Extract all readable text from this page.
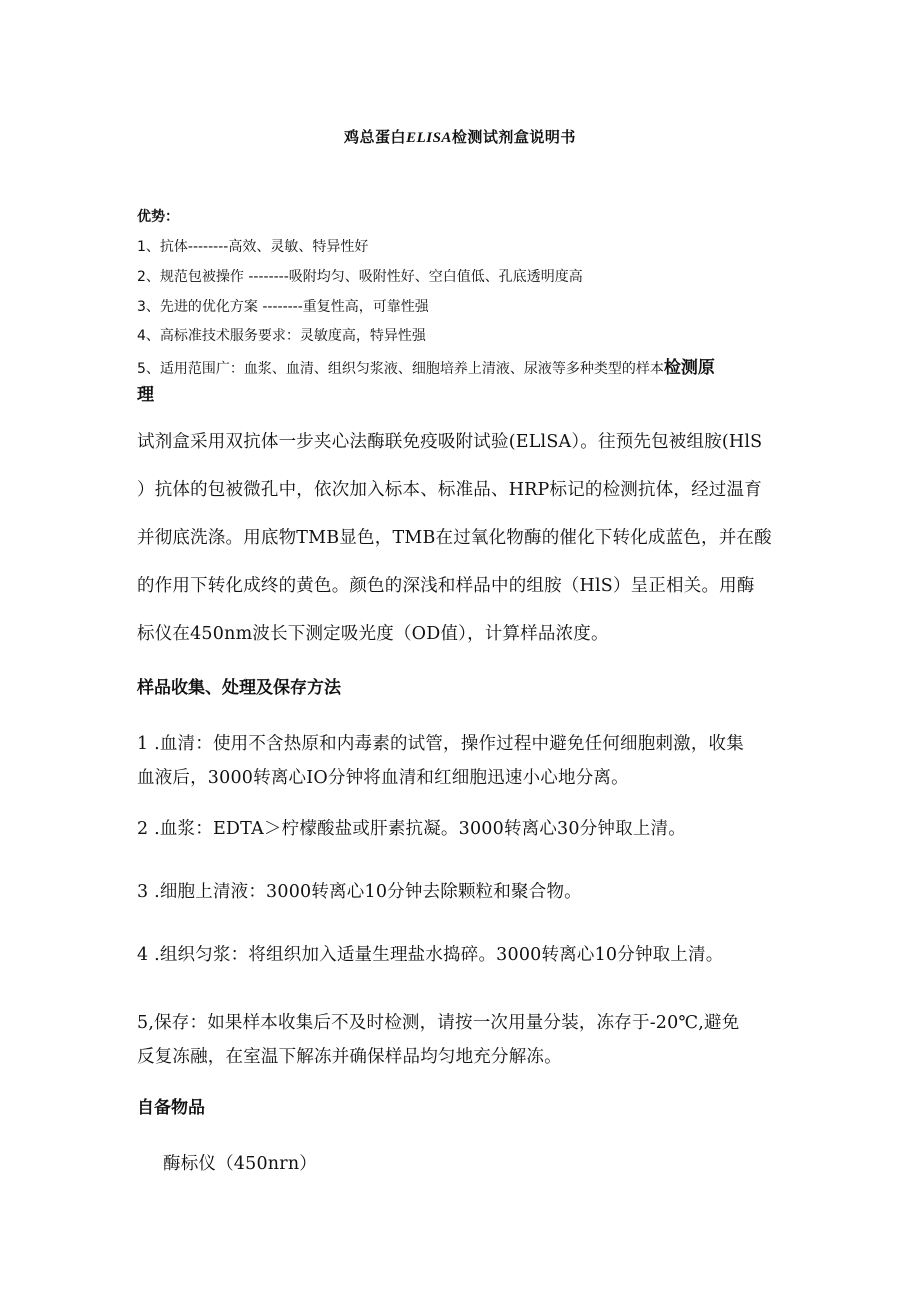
鸡总蛋白ELISA检测试剂盒说明书
优势：
1、抗体--------高效、灵敏、特异性好
2、规范包被操作 --------吸附均匀、吸附性好、空白值低、孔底透明度高
3、先进的优化方案 --------重复性高，可靠性强
4、高标准技术服务要求：灵敏度高，特异性强
5、适用范围广：血浆、血清、组织匀浆液、细胞培养上清液、尿液等多种类型的样本检测原
理
试剂盒采用双抗体一步夹心法酶联免疫吸附试验(ELlSA）。往预先包被组胺(HlS
）抗体的包被微孔中，依次加入标本、标准品、HRP标记的检测抗体，经过温育
并彻底洗涤。用底物TMB显色，TMB在过氧化物酶的催化下转化成蓝色，并在酸
的作用下转化成终的黄色。颜色的深浅和样品中的组胺（HlS）呈正相关。用酶
标仪在450nm波长下测定吸光度（OD值），计算样品浓度。
样品收集、处理及保存方法
1 .血清：使用不含热原和内毒素的试管，操作过程中避免任何细胞刺激，收集
血液后，3000转离心IO分钟将血清和红细胞迅速小心地分离。
2 .血浆：EDTA＞柠檬酸盐或肝素抗凝。3000转离心30分钟取上清。
3 .细胞上清液：3000转离心10分钟去除颗粒和聚合物。
4 .组织匀浆：将组织加入适量生理盐水捣碎。3000转离心10分钟取上清。
5,保存：如果样本收集后不及时检测，请按一次用量分装，冻存于-20℃,避免
反复冻融，在室温下解冻并确保样品均匀地充分解冻。
自备物品
酶标仪（450nrn）
